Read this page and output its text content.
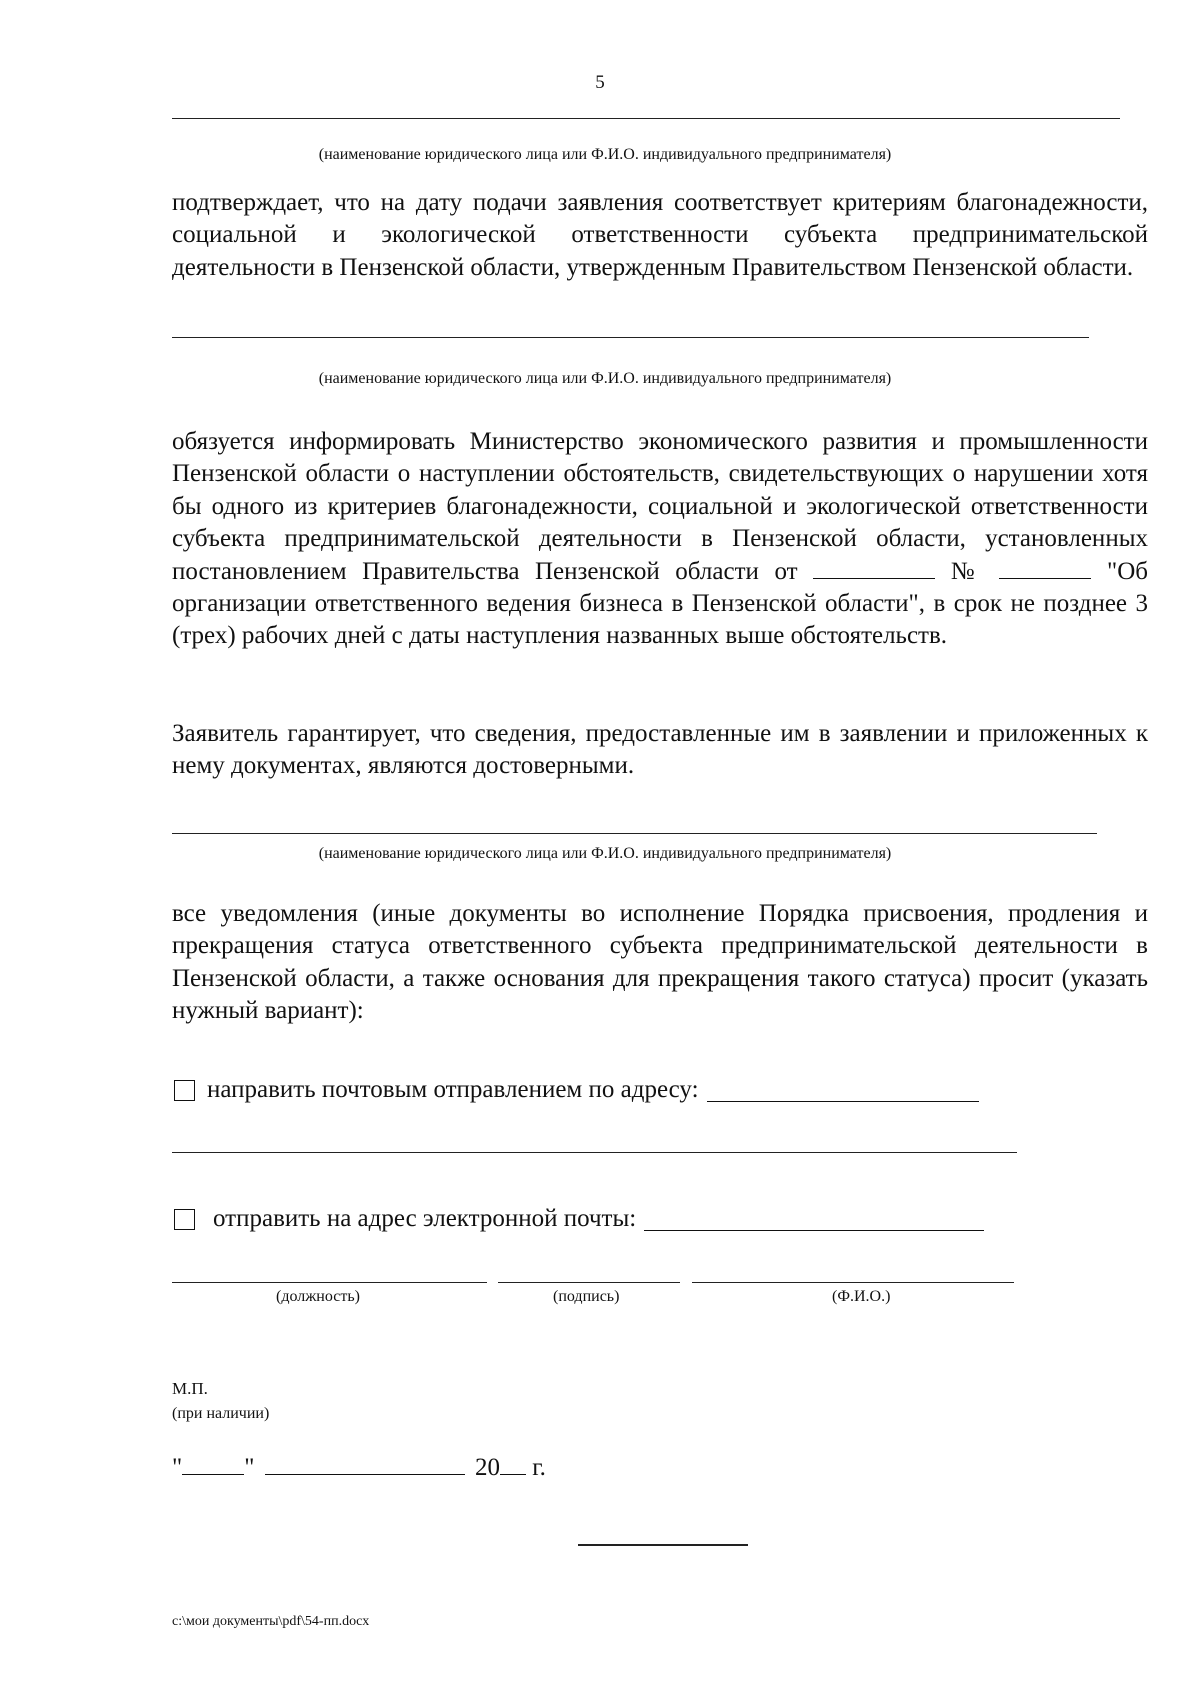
5
(наименование юридического лица или Ф.И.О. индивидуального предпринимателя)

подтверждает, что на дату подачи заявления соответствует критериям благонадежности, социальной и экологической ответственности субъекта предпринимательской деятельности в Пензенской области, утвержденным Правительством Пензенской области.

(наименование юридического лица или Ф.И.О. индивидуального предпринимателя)
обязуется информировать Министерство экономического развития и промышленности Пензенской области о наступлении обстоятельств, свидетельствующих о нарушении хотя бы одного из критериев благонадежности, социальной и экологической ответственности субъекта предпринимательской деятельности в Пензенской области, установленных постановлением Правительства Пензенской области от	№	"Об организации ответственного ведения бизнеса в Пензенской области", в срок не позднее 3 (трех) рабочих дней с даты наступления названных выше обстоятельств.

Заявитель гарантирует, что сведения, предоставленные им в заявлении и приложенных к нему документах, являются достоверными.

(наименование юридического лица или Ф.И.О. индивидуального предпринимателя)

все уведомления (иные документы во исполнение Порядка присвоения, продления и прекращения статуса ответственного субъекта предпринимательской деятельности в Пензенской области, а также основания для прекращения такого статуса) просит (указать нужный вариант):

направить почтовым отправлением по адресу:
отправить на адрес электронной почты:
(должность)	(подпись)	(Ф.И.О.)
М.П.
(при наличии)
" "	20 г.
c:\мои документы\pdf\54-пп.docx
